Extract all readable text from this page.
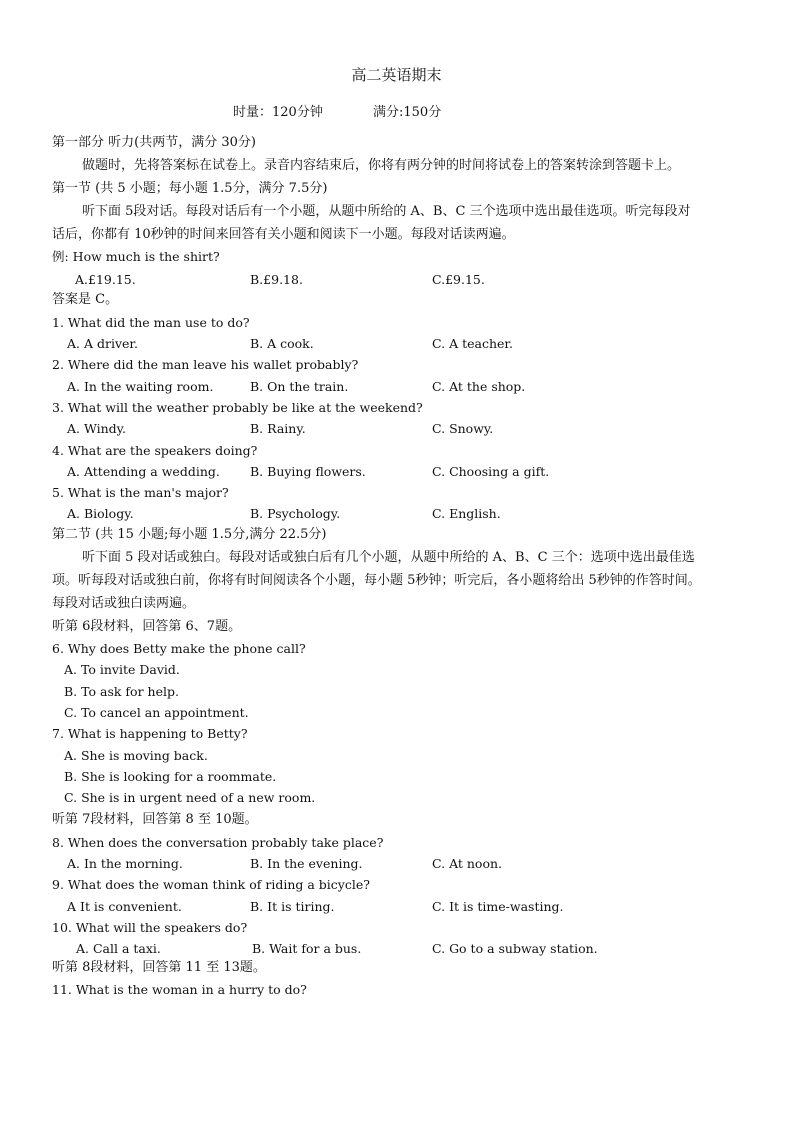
高二英语期末
时量：120分钟	满分:150分
第一部分 听力(共两节，满分 30分)
做题时，先将答案标在试卷上。录音内容结束后，你将有两分钟的时间将试卷上的答案转涂到答题卡上。
第一节 (共 5 小题；每小题 1.5分，满分 7.5分)
听下面 5段对话。每段对话后有一个小题，从题中所给的 A、B、C 三个选项中选出最佳选项。听完每段对
话后，你都有 10秒钟的时间来回答有关小题和阅读下一小题。每段对话读两遍。
例: How much is the shirt?
A.£19.15.	B.£9.18.	C.£9.15.
答案是 C。
1. What did the man use to do?
A. A driver.	B. A cook.	C. A teacher.
2. Where did the man leave his wallet probably?
A. In the waiting room.	B. On the train.	C. At the shop.
3. What will the weather probably be like at the weekend?
A. Windy.	B. Rainy.	C. Snowy.
4. What are the speakers doing?
A. Attending a wedding. B. Buying flowers.	C. Choosing a gift.
5. What is the man's major?
A. Biology.	B. Psychology.	C. English.
第二节 (共 15 小题;每小题 1.5分,满分 22.5分)
听下面 5 段对话或独白。每段对话或独白后有几个小题，从题中所给的 A、B、C 三个：选项中选出最佳选
项。听每段对话或独白前，你将有时间阅读各个小题，每小题 5秒钟；听完后，各小题将给出 5秒钟的作答时间。
每段对话或独白读两遍。
听第 6段材料，回答第 6、7题。
6. Why does Betty make the phone call?
A. To invite David.
B. To ask for help.
C. To cancel an appointment.
7. What is happening to Betty?
A. She is moving back.
B. She is looking for a roommate.
C. She is in urgent need of a new room.
听第 7段材料，回答第 8 至 10题。
8. When does the conversation probably take place?
A. In the morning.	B. In the evening.	C. At noon.
9. What does the woman think of riding a bicycle?
A It is convenient.	B. It is tiring.	C. It is time-wasting.
10. What will the speakers do?
A. Call a taxi.	B. Wait for a bus.	C. Go to a subway station.
听第 8段材料，回答第 11 至 13题。
11. What is the woman in a hurry to do?
